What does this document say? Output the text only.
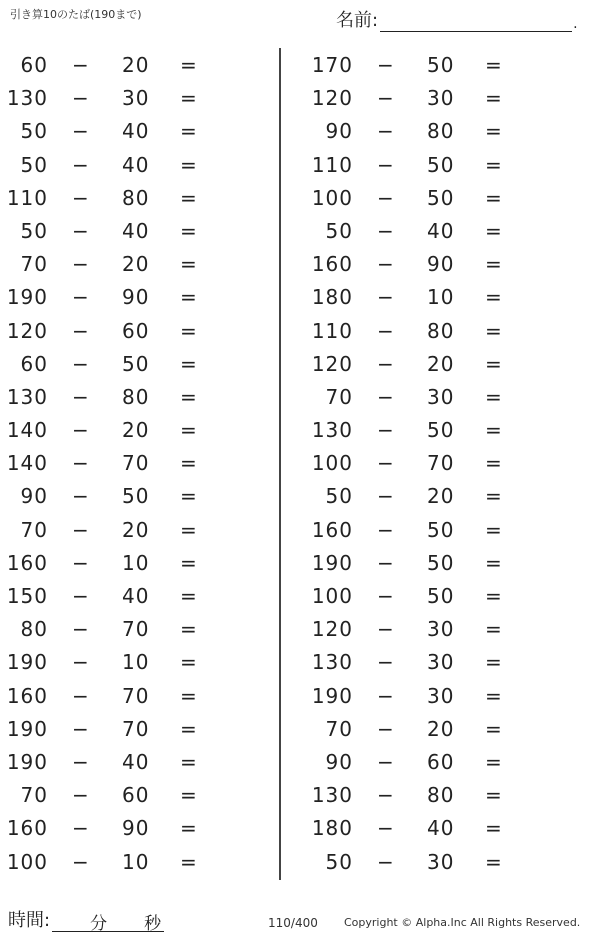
引き算10のたば(190まで)	名前:	.
60 − 20 =
130 − 30 =
50 − 40 =
50 − 40 =
110 − 80 =
50 − 40 =
70 − 20 =
190 − 90 =
120 − 60 =
60 − 50 =
130 − 80 =
140 − 20 =
140 − 70 =
90 − 50 =
70 − 20 =
160 − 10 =
150 − 40 =
80 − 70 =
190 − 10 =
160 − 70 =
190 − 70 =
190 − 40 =
70 − 60 =
160 − 90 =
100 − 10 =
170 − 50 =
120 − 30 =
90 − 80 =
110 − 50 =
100 − 50 =
50 − 40 =
160 − 90 =
180 − 10 =
110 − 80 =
120 − 20 =
70 − 30 =
130 − 50 =
100 − 70 =
50 − 20 =
160 − 50 =
190 − 50 =
100 − 50 =
120 − 30 =
130 − 30 =
190 − 30 =
70 − 20 =
90 − 60 =
130 − 80 =
180 − 40 =
50 − 30 =
時間: 分 秒	110/400 Copyright © Alpha.Inc All Rights Reserved.
